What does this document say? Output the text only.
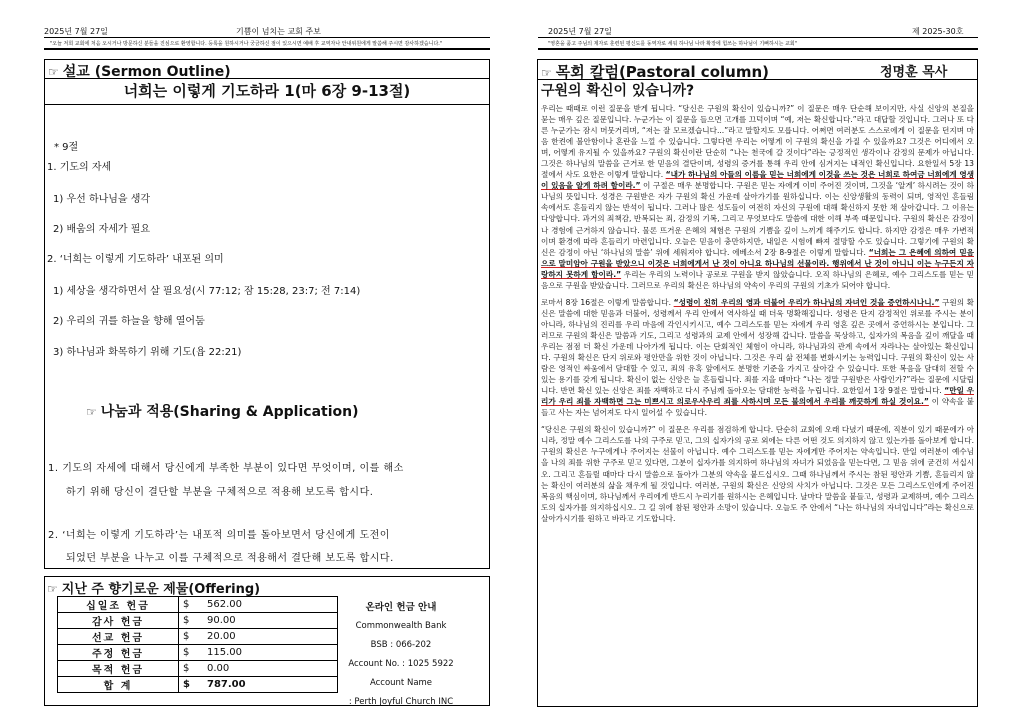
2025년 7월 27일	기쁨이 넘치는 교회 주보	2025년 7월 27일	제 2025-30호
"오늘 저희 교회에 처음 오시거나 방문하신 분들을 진심으로 환영합니다. 등록을 원하시거나 궁금하신 점이 있으시면 예배 후 교역자나 안내위원에게 말씀해 주시면 감사하겠습니다."	"영혼을 품고 주님의 제자로 훈련된 평신도를 동역자로 세워 하나님 나라 확장에 힘쓰는 하나님이 기뻐하시는 교회"
☞ 설교 (Sermon Outline)
너희는 이렇게 기도하라 1(마 6장 9-13절)
* 9절
1. 기도의 자세
1) 우선 하나님을 생각
2) 배움의 자세가 필요
2. ‘너희는 이렇게 기도하라’ 내포된 의미
1) 세상을 생각하면서 살 필요성(시 77:12; 잠 15:28, 23:7; 전 7:14)
2) 우리의 귀를 하늘을 향해 열어둠
3) 하나님과 화목하기 위해 기도(욥 22:21)
☞ 나눔과 적용(Sharing & Application)
1. 기도의 자세에 대해서 당신에게 부족한 부분이 있다면 무엇이며, 이를 해소
하기 위해 당신이 결단할 부분을 구체적으로 적용해 보도록 합시다.
2. ‘너희는 이렇게 기도하라’는 내포적 의미를 돌아보면서 당신에게 도전이
되었던 부분을 나누고 이를 구체적으로 적용해서 결단해 보도록 합시다.
☞ 지난 주 향기로운 제물(Offering)
십일조 헌금	$	562.00
감사 헌금	$	90.00
선교 헌금	$	20.00
주정 헌금	$	115.00
목적 헌금	$	0.00
합 계	$	787.00
온라인 헌금 안내
Commonwealth Bank
BSB : 066-202
Account No. : 1025 5922
Account Name
: Perth Joyful Church INC
☞ 목회 칼럼(Pastoral column)	정명훈 목사
구원의 확신이 있습니까?

우리는 때때로 이런 질문을 받게 됩니다. “당신은 구원의 확신이 있습니까?” 이 질문은 매우 단순해 보이지만, 사실 신앙의 본질을 묻는 매우 깊은 질문입니다. 누군가는 이 질문을 들으면 고개를 끄덕이며 “예, 저는 확신합니다.”라고 대답할 것입니다. 그러나 또 다른 누군가는 잠시 머뭇거리며, “저는 잘 모르겠습니다...”라고 말할지도 모릅니다. 어쩌면 여러분도 스스로에게 이 질문을 던지며 마음 한켠에 불안함이나 혼란을 느낄 수 있습니다. 그렇다면 우리는 어떻게 이 구원의 확신을 가질 수 있을까요? 그것은 어디에서 오며, 어떻게 유지될 수 있을까요? 구원의 확신이란 단순히 “나는 천국에 갈 것이다”라는 긍정적인 생각이나 감정의 문제가 아닙니다. 그것은 하나님의 말씀을 근거로 한 믿음의 결단이며, 성령의 증거를 통해 우리 안에 심겨지는 내적인 확신입니다. 요한일서 5장 13절에서 사도 요한은 이렇게 말합니다. “내가 하나님의 아들의 이름을 믿는 너희에게 이것을 쓰는 것은 너희로 하여금 너희에게 영생이 있음을 알게 하려 함이라.” 이 구절은 매우 분명합니다. 구원은 믿는 자에게 이미 주어진 것이며, 그것을 ‘알게’ 하시려는 것이 하나님의 뜻입니다. 성경은 구원받은 자가 구원의 확신 가운데 살아가기를 원하십니다. 이는 신앙생활의 동력이 되며, 영적인 흔들림 속에서도 흔들리지 않는 반석이 됩니다. 그러나 많은 성도들이 여전히 자신의 구원에 대해 확신하지 못한 채 살아갑니다. 그 이유는 다양합니다. 과거의 죄책감, 반복되는 죄, 감정의 기복, 그리고 무엇보다도 말씀에 대한 이해 부족 때문입니다. 구원의 확신은 감정이나 경험에 근거하지 않습니다. 물론 뜨거운 은혜의 체험은 구원의 기쁨을 깊이 느끼게 해주기도 합니다. 하지만 감정은 매우 가변적이며 환경에 따라 흔들리기 마련입니다. 오늘은 믿음이 충만하지만, 내일은 시험에 빠져 절망할 수도 있습니다. 그렇기에 구원의 확신은 감정이 아닌 ‘하나님의 말씀’ 위에 세워져야 합니다. 에베소서 2장 8-9절은 이렇게 말합니다. “너희는 그 은혜에 의하여 믿음으로 말미암아 구원을 받았으니 이것은 너희에게서 난 것이 아니요 하나님의 선물이라. 행위에서 난 것이 아니니 이는 누구든지 자랑하지 못하게 함이라.” 우리는 우리의 노력이나 공로로 구원을 받지 않았습니다. 오직 하나님의 은혜로, 예수 그리스도를 믿는 믿음으로 구원을 받았습니다. 그러므로 우리의 확신은 하나님의 약속이 우리의 구원의 기초가 되어야 합니다.

로마서 8장 16절은 이렇게 말씀합니다. “성령이 친히 우리의 영과 더불어 우리가 하나님의 자녀인 것을 증언하시나니.” 구원의 확신은 말씀에 대한 믿음과 더불어, 성령께서 우리 안에서 역사하실 때 더욱 명확해집니다. 성령은 단지 감정적인 위로를 주시는 분이 아니라, 하나님의 진리를 우리 마음에 각인시키시고, 예수 그리스도를 믿는 자에게 우리 영혼 깊은 곳에서 증언하시는 분입니다. 그러므로 구원의 확신은 말씀과 기도, 그리고 성령과의 교제 안에서 성장해 갑니다. 말씀을 묵상하고, 십자가의 복음을 깊이 깨달을 때 우리는 점점 더 확신 가운데 나아가게 됩니다. 이는 단회적인 체험이 아니라, 하나님과의 관계 속에서 자라나는 살아있는 확신입니다. 구원의 확신은 단지 위로와 평안만을 위한 것이 아닙니다. 그것은 우리 삶 전체를 변화시키는 능력입니다. 구원의 확신이 있는 사람은 영적인 싸움에서 담대할 수 있고, 죄의 유혹 앞에서도 분명한 기준을 가지고 살아갈 수 있습니다. 또한 복음을 담대히 전할 수 있는 용기를 갖게 됩니다. 확신이 없는 신앙은 늘 흔들립니다. 죄를 지을 때마다 “나는 정말 구원받은 사람인가?”라는 질문에 시달립니다. 반면 확신 있는 신앙은 죄를 자백하고 다시 주님께 돌아오는 담대한 능력을 누립니다. 요한일서 1장 9절은 말합니다. “만일 우리가 우리 죄를 자백하면 그는 미쁘시고 의로우사우리 죄를 사하시며 모든 불의에서 우리를 깨끗하게 하실 것이요.” 이 약속을 붙들고 사는 자는 넘어져도 다시 일어설 수 있습니다.

“당신은 구원의 확신이 있습니까?” 이 질문은 우리를 점검하게 합니다. 단순히 교회에 오래 다녔기 때문에, 직분이 있기 때문에가 아니라, 정말 예수 그리스도를 나의 구주로 믿고, 그의 십자가의 공로 외에는 다른 어떤 것도 의지하지 않고 있는가를 돌아보게 합니다. 구원의 확신은 누구에게나 주어지는 선물이 아닙니다. 예수 그리스도를 믿는 자에게만 주어지는 약속입니다. 만일 여러분이 예수님을 나의 죄를 위한 구주로 믿고 있다면, 그분이 십자가를 의지하여 하나님의 자녀가 되었음을 믿는다면, 그 믿음 위에 굳건히 서십시오. 그리고 흔들릴 때마다 다시 말씀으로 돌아가 그분의 약속을 붙드십시오. 그때 하나님께서 주시는 참된 평안과 기쁨, 흔들리지 않는 확신이 여러분의 삶을 채우게 될 것입니다. 여러분, 구원의 확신은 신앙의 사치가 아닙니다. 그것은 모든 그리스도인에게 주어진 복음의 핵심이며, 하나님께서 우리에게 반드시 누리기를 원하시는 은혜입니다. 날마다 말씀을 붙들고, 성령과 교제하며, 예수 그리스도의 십자가를 의지하십시오. 그 길 위에 참된 평안과 소망이 있습니다. 오늘도 주 안에서 “나는 하나님의 자녀입니다”라는 확신으로 살아가시기를 원하고 바라고 기도합니다.
